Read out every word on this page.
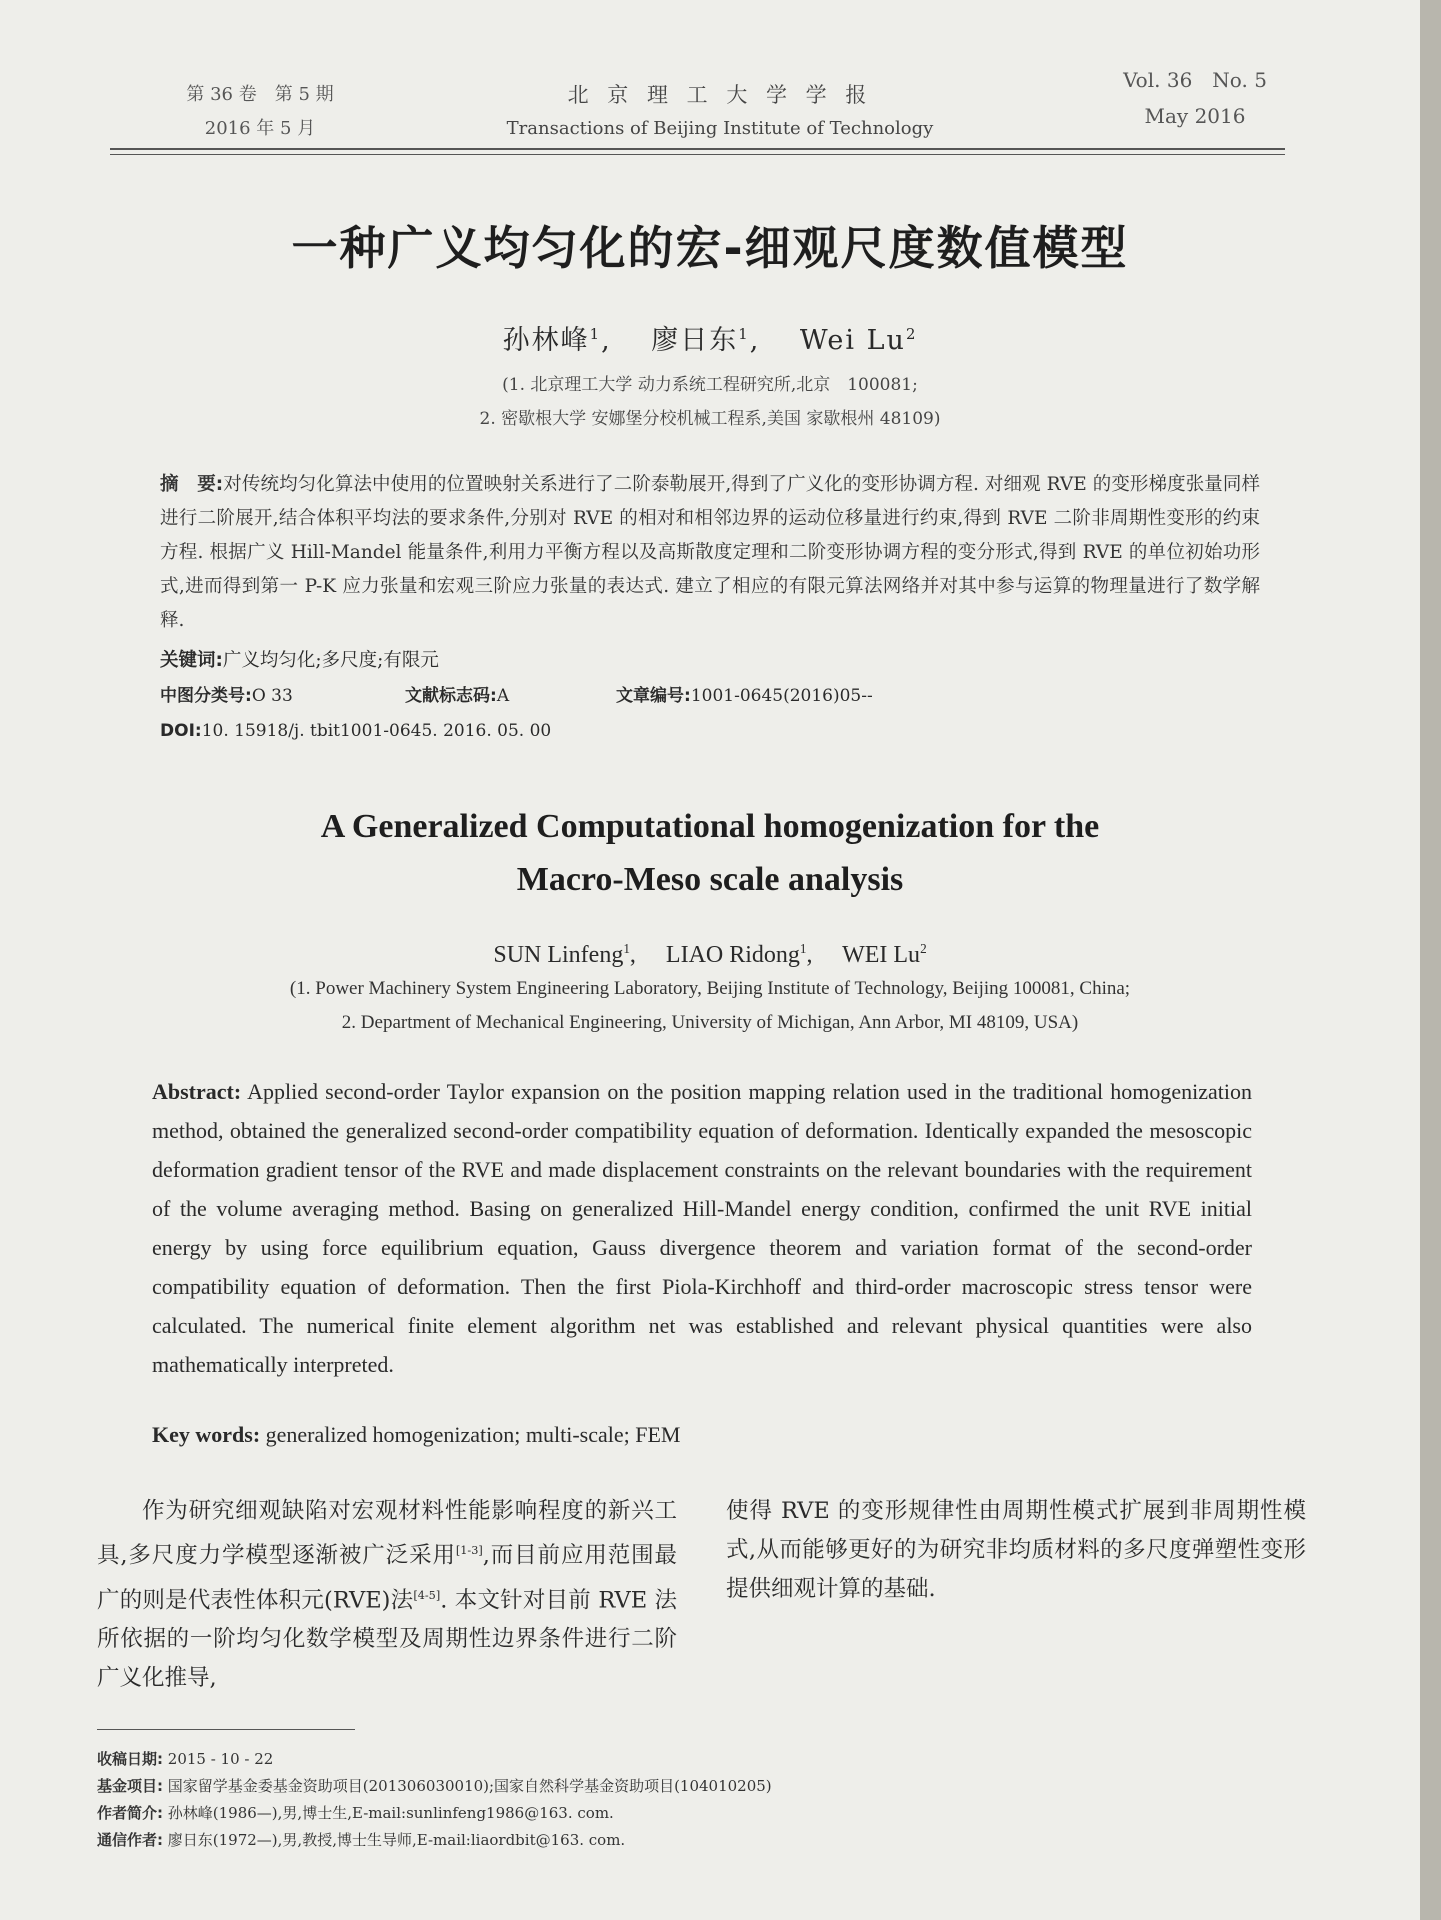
第 36 卷　第 5 期
2016 年 5 月
北 京 理 工 大 学 学 报
Transactions of Beijing Institute of Technology
Vol. 36　No. 5
May 2016
一种广义均匀化的宏-细观尺度数值模型
孙林峰$^1$,　 廖日东$^1$,　 Wei Lu$^2$
(1. 北京理工大学 动力系统工程研究所,北京　100081;
2. 密歇根大学 安娜堡分校机械工程系,美国 家歇根州 48109)
摘　要:对传统均匀化算法中使用的位置映射关系进行了二阶泰勒展开,得到了广义化的变形协调方程. 对细观 RVE 的变形梯度张量同样进行二阶展开,结合体积平均法的要求条件,分别对 RVE 的相对和相邻边界的运动位移量进行约束,得到 RVE 二阶非周期性变形的约束方程. 根据广义 Hill-Mandel 能量条件,利用力平衡方程以及高斯散度定理和二阶变形协调方程的变分形式,得到 RVE 的单位初始功形式,进而得到第一 P-K 应力张量和宏观三阶应力张量的表达式. 建立了相应的有限元算法网络并对其中参与运算的物理量进行了数学解释.
关键词:广义均匀化;多尺度;有限元
中图分类号:O 33	文献标志码:A	文章编号:1001-0645(2016)05--
DOI:10. 15918/j. tbit1001-0645. 2016. 05. 00
A Generalized Computational homogenization for the
Macro-Meso scale analysis
SUN Linfeng$^1$,　 LIAO Ridong$^1$,　 WEI Lu$^2$
(1. Power Machinery System Engineering Laboratory, Beijing Institute of Technology, Beijing 100081, China;
2. Department of Mechanical Engineering, University of Michigan, Ann Arbor, MI 48109, USA)
Abstract: Applied second-order Taylor expansion on the position mapping relation used in the traditional homogenization method, obtained the generalized second-order compatibility equation of deformation. Identically expanded the mesoscopic deformation gradient tensor of the RVE and made displacement constraints on the relevant boundaries with the requirement of the volume averaging method. Basing on generalized Hill-Mandel energy condition, confirmed the unit RVE initial energy by using force equilibrium equation, Gauss divergence theorem and variation format of the second-order compatibility equation of deformation. Then the first Piola-Kirchhoff and third-order macroscopic stress tensor were calculated. The numerical finite element algorithm net was established and relevant physical quantities were also mathematically interpreted.
Key words: generalized homogenization; multi-scale; FEM
作为研究细观缺陷对宏观材料性能影响程度的新兴工具,多尺度力学模型逐渐被广泛采用[1-3],而目前应用范围最广的则是代表性体积元(RVE)法[4-5]. 本文针对目前 RVE 法所依据的一阶均匀化数学模型及周期性边界条件进行二阶广义化推导,
使得 RVE 的变形规律性由周期性模式扩展到非周期性模式,从而能够更好的为研究非均质材料的多尺度弹塑性变形提供细观计算的基础.
收稿日期: 2015 - 10 - 22
基金项目: 国家留学基金委基金资助项目(201306030010);国家自然科学基金资助项目(104010205)
作者简介: 孙林峰(1986—),男,博士生,E-mail:sunlinfeng1986@163. com.
通信作者: 廖日东(1972—),男,教授,博士生导师,E-mail:liaordbit@163. com.
